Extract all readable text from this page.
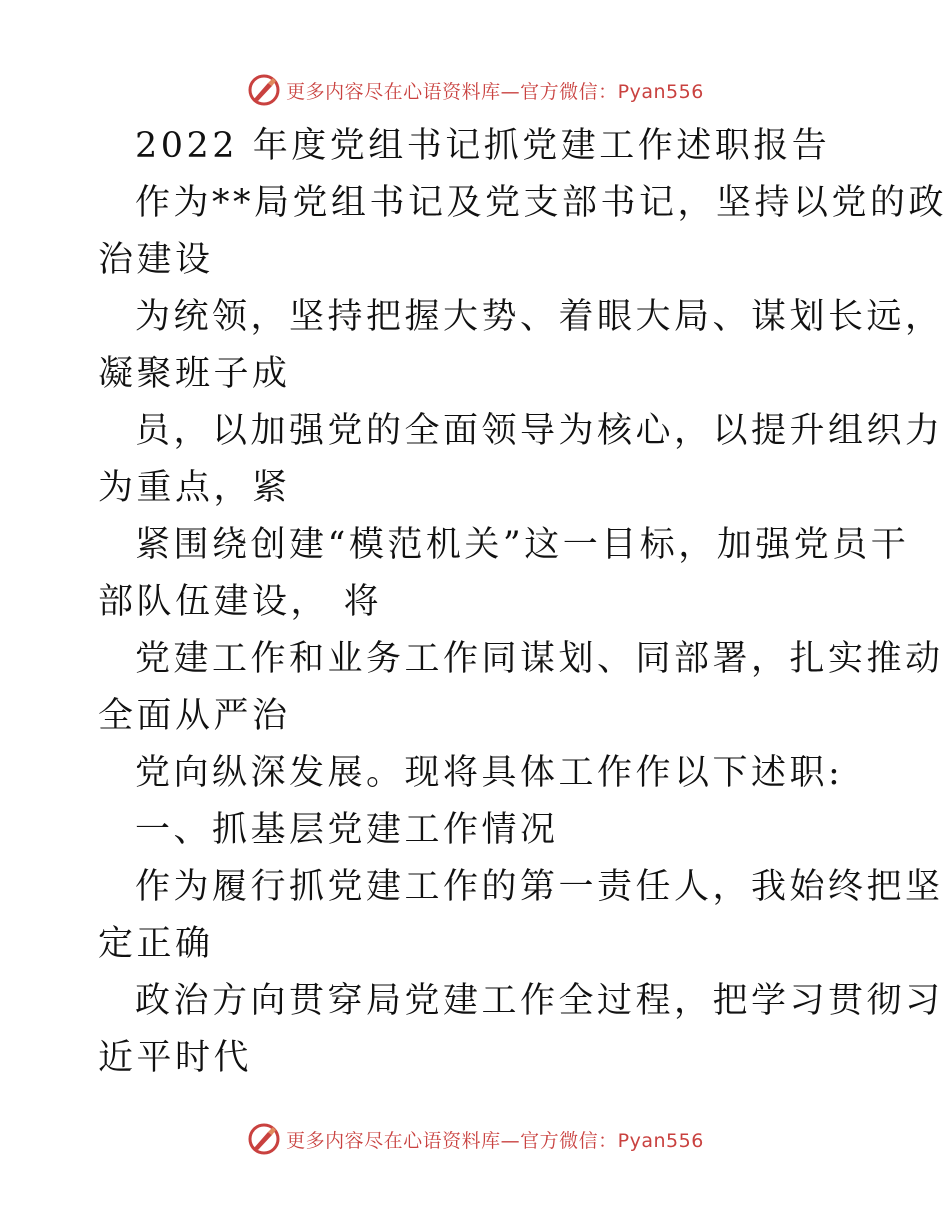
更多内容尽在心语资料库—官方微信：Pyan556

2022 年度党组书记抓党建工作述职报告

作为**局党组书记及党支部书记，坚持以党的政

治建设

为统领，坚持把握大势、着眼大局、谋划长远，

凝聚班子成

员，以加强党的全面领导为核心，以提升组织力

为重点，紧

紧围绕创建“模范机关”这一目标，加强党员干

部队伍建设， 将

党建工作和业务工作同谋划、同部署，扎实推动

全面从严治

党向纵深发展。现将具体工作作以下述职:

一、抓基层党建工作情况

作为履行抓党建工作的第一责任人，我始终把坚

定正确

政治方向贯穿局党建工作全过程，把学习贯彻习

近平时代

更多内容尽在心语资料库—官方微信：Pyan556
